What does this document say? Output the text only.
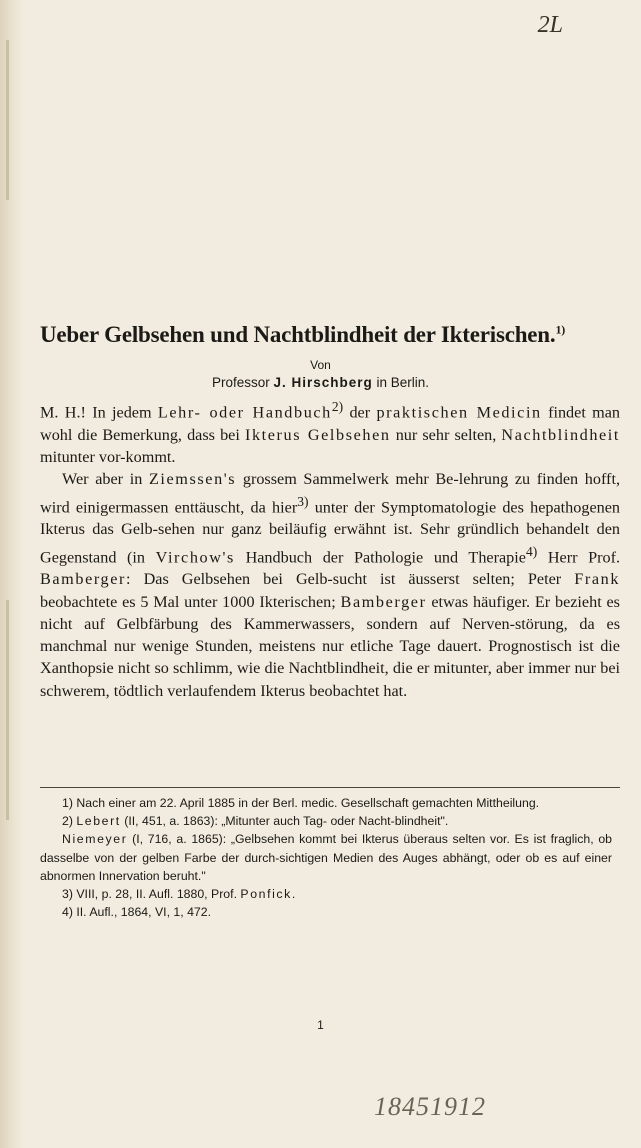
2L
Ueber Gelbsehen und Nachtblindheit der Ikterischen.$^{1)}$
Von
Professor J. Hirschberg in Berlin.

M. H.! In jedem Lehr- oder Handbuch$^{2)}$ der praktischen Medicin findet man wohl die Bemerkung, dass bei Ikterus Gelbsehen nur sehr selten, Nachtblindheit mitunter vor-kommt.

Wer aber in Ziemssen's grossem Sammelwerk mehr Be-lehrung zu finden hofft, wird einigermassen enttäuscht, da hier$^{3)}$ unter der Symptomatologie des hepathogenen Ikterus das Gelb-sehen nur ganz beiläufig erwähnt ist. Sehr gründlich behandelt den Gegenstand (in Virchow's Handbuch der Pathologie und Therapie$^{4)}$ Herr Prof. Bamberger: Das Gelbsehen bei Gelb-sucht ist äusserst selten; Peter Frank beobachtete es 5 Mal unter 1000 Ikterischen; Bamberger etwas häufiger. Er bezieht es nicht auf Gelbfärbung des Kammerwassers, sondern auf Nerven-störung, da es manchmal nur wenige Stunden, meistens nur etliche Tage dauert. Prognostisch ist die Xanthopsie nicht so schlimm, wie die Nachtblindheit, die er mitunter, aber immer nur bei schwerem, tödtlich verlaufendem Ikterus beobachtet hat.

1) Nach einer am 22. April 1885 in der Berl. medic. Gesellschaft gemachten Mittheilung.

2) Lebert (II, 451, a. 1863): „Mitunter auch Tag- oder Nacht-blindheit".

Niemeyer (I, 716, a. 1865): „Gelbsehen kommt bei Ikterus überaus selten vor. Es ist fraglich, ob dasselbe von der gelben Farbe der durch-sichtigen Medien des Auges abhängt, oder ob es auf einer abnormen Innervation beruht."

3) VIII, p. 28, II. Aufl. 1880, Prof. Ponfick.

4) II. Aufl., 1864, VI, 1, 472.

1
18451912
